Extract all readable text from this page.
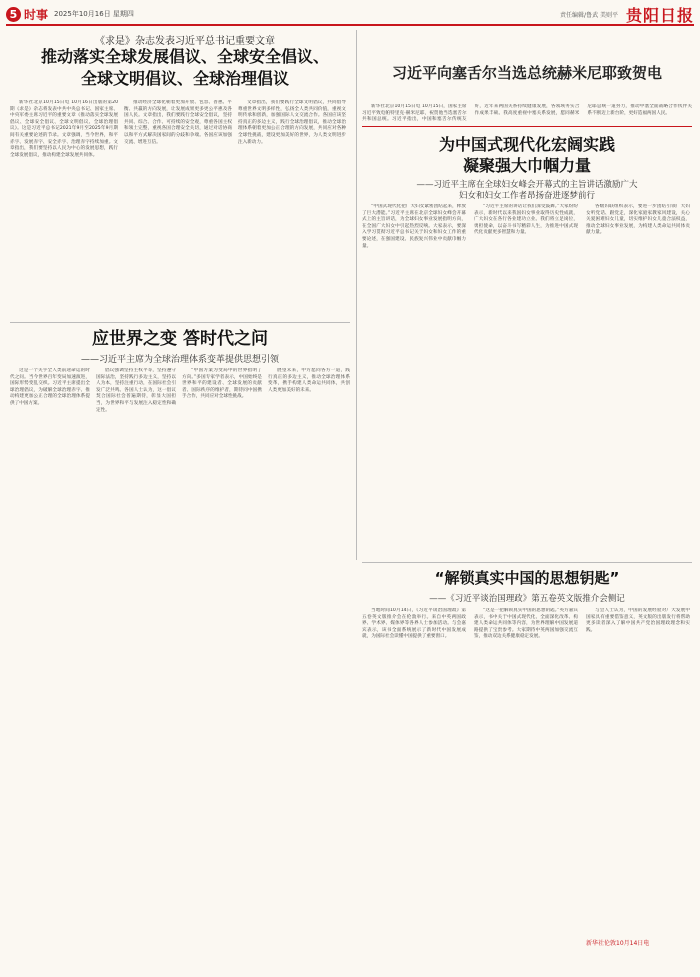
5 时事 2025年10月16日 星期四	责任编辑/鲁武 美则平 贵阳日报
《求是》杂志发表习近平总书记重要文章
推动落实全球发展倡议、全球安全倡议、
全球文明倡议、全球治理倡议
新华社北京10月15日电 10月16日出版的第20期《求是》杂志将发表中共中央总书记、国家主席、中央军委主席习近平的重要文章《推动落实全球发展倡议、全球安全倡议、全球文明倡议、全球治理倡议》。这是习近平总书记2021年9月至2025年9月期间有关重要论述的节录。文章强调，当今世界，和平赤字、发展赤字、安全赤字、治理赤字持续加重。文章指出，我们要坚持以人民为中心的发展思想，践行全球发展倡议，推动构建全球发展共同体。
推动经济全球化朝着更加开放、包容、普惠、平衡、共赢的方向发展，让发展成果更多更公平惠及各国人民。文章指出，我们要践行全球安全倡议，坚持共同、综合、合作、可持续的安全观，尊重各国主权和领土完整，重视各国合理安全关切，通过对话协商以和平方式解决国家间的分歧和争端。各国应该加强交流、增进互信。
文章指出，我们要践行全球文明倡议，共同倡导尊重世界文明多样性，弘扬全人类共同价值，重视文明传承和创新，加强国际人文交流合作。各国应该坚持真正的多边主义，践行全球治理倡议，推动全球治理体系朝着更加公正合理的方向发展，共同应对各种全球性挑战，建设更加美好的世界，为人类文明进步注入新动力。
习近平向塞舌尔当选总统赫米尼耶致贺电
新华社北京10月15日电 10月15日，国家主席习近平致电帕特里克·赫米尼耶，祝贺他当选塞舌尔共和国总统。习近平指出，中国和塞舌尔传统友好，近年来两国关系持续健康发展，各领域务实合作成果丰硕。我高度重视中塞关系发展，愿同赫米尼耶总统一道努力，推动中塞全面战略合作伙伴关系不断迈上新台阶，更好造福两国人民。
为中国式现代化宏阔实践
凝聚强大巾帼力量
——习近平主席在全球妇女峰会开幕式的主旨讲话激励广大
妇女和妇女工作者昂扬奋进逐梦前行
“中国式现代化把广大妇女紧密团结起来，释放了巨大潜能。”习近平主席在北京全球妇女峰会开幕式上的主旨讲话，为全球妇女事业发展指明方向，在全国广大妇女中引起热烈反响。大家表示，要深入学习贯彻习近平总书记关于妇女和妇女工作的重要论述，在强国建设、民族复兴伟业中贡献巾帼力量。
“习近平主席的讲话让我们深受鼓舞。”大家纷纷表示，新时代以来我国妇女事业取得历史性成就，广大妇女在各行各业建功立业。我们将立足岗位，勇担使命，以奋斗书写精彩人生，为推进中国式现代化贡献更多智慧和力量。
各级妇联组织表示，要进一步团结引领广大妇女听党话、跟党走，深化家庭家教家风建设，关心关爱困难妇女儿童，切实维护妇女儿童合法权益，推动全球妇女事业发展，为构建人类命运共同体贡献力量。
应世界之变 答时代之问
——习近平主席为全球治理体系变革提供思想引领
这是一个关乎全人类前途命运的时代之问。当今世界百年变局加速演进，国际形势变乱交织。习近平主席提出全球治理倡议，为破解全球治理赤字、推动构建更加公正合理的全球治理体系提供了中国方案。
倡议强调坚持主权平等，坚持遵守国际法治，坚持践行多边主义，坚持以人为本，坚持注重行动，在国际社会引发广泛共鸣。各国人士认为，这一倡议契合国际社会普遍期待，彰显大国担当，为世界和平与发展注入稳定性和确定性。
“中国方案为变局中的世界指明了方向。”多国专家学者表示，中国始终是世界和平的建设者、全球发展的贡献者、国际秩序的维护者，期待同中国携手合作，共同应对全球性挑战。
展望未来，中方愿同各方一道，践行真正的多边主义，推动全球治理体系变革，携手构建人类命运共同体，共创人类更加美好的未来。
“解锁真实中国的思想钥匙”
——《习近平谈治国理政》第五卷英文版推介会侧记
当地时间10月14日，《习近平谈治国理政》第五卷英文版推介会在伦敦举行。来自中英两国政界、学术界、媒体界等各界人士参加活动。与会嘉宾表示，该书全面系统展示了新时代中国发展成就，为国际社会读懂中国提供了重要窗口。
“这是一把解锁真实中国的思想钥匙。”英方嘉宾表示，书中关于中国式现代化、全面深化改革、构建人类命运共同体等内容，为世界理解中国发展道路提供了宝贵参考。大家期待中英两国加强交流互鉴，推动双边关系健康稳定发展。
与会人士认为，中国的发展经验对广大发展中国家具有重要借鉴意义，英文版的出版发行将帮助更多读者深入了解中国共产党治国理政理念和实践。
新华社伦敦10月14日电
